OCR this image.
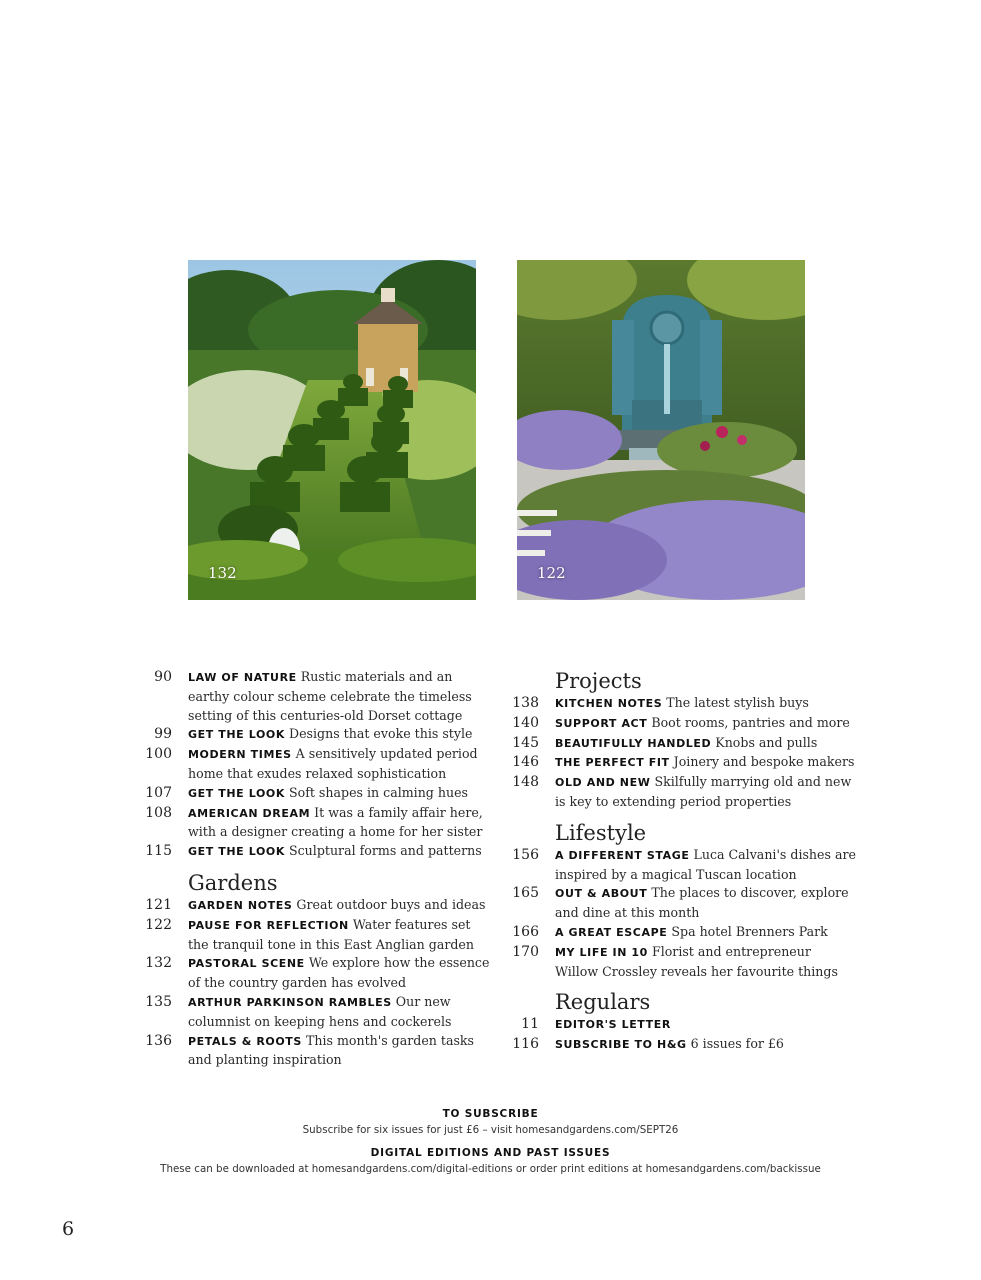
132	122
90	LAW OF NATURE Rustic materials and an earthy colour scheme celebrate the timeless setting of this centuries-old Dorset cottage
99	GET THE LOOK Designs that evoke this style
100	MODERN TIMES A sensitively updated period home that exudes relaxed sophistication
107	GET THE LOOK Soft shapes in calming hues
108	AMERICAN DREAM It was a family affair here, with a designer creating a home for her sister
115	GET THE LOOK Sculptural forms and patterns
Gardens
121	GARDEN NOTES Great outdoor buys and ideas
122	PAUSE FOR REFLECTION Water features set the tranquil tone in this East Anglian garden
132	PASTORAL SCENE We explore how the essence of the country garden has evolved
135	ARTHUR PARKINSON RAMBLES Our new columnist on keeping hens and cockerels
136	PETALS & ROOTS This month's garden tasks and planting inspiration
Projects
138	KITCHEN NOTES The latest stylish buys
140	SUPPORT ACT Boot rooms, pantries and more
145	BEAUTIFULLY HANDLED Knobs and pulls
146	THE PERFECT FIT Joinery and bespoke makers
148	OLD AND NEW Skilfully marrying old and new is key to extending period properties
Lifestyle
156	A DIFFERENT STAGE Luca Calvani's dishes are inspired by a magical Tuscan location
165	OUT & ABOUT The places to discover, explore and dine at this month
166	A GREAT ESCAPE Spa hotel Brenners Park
170	MY LIFE IN 10 Florist and entrepreneur Willow Crossley reveals her favourite things
Regulars
11	EDITOR'S LETTER
116	SUBSCRIBE TO H&G 6 issues for £6
TO SUBSCRIBE
Subscribe for six issues for just £6 – visit homesandgardens.com/SEPT26
DIGITAL EDITIONS AND PAST ISSUES
These can be downloaded at homesandgardens.com/digital-editions or order print editions at homesandgardens.com/backissue
6
